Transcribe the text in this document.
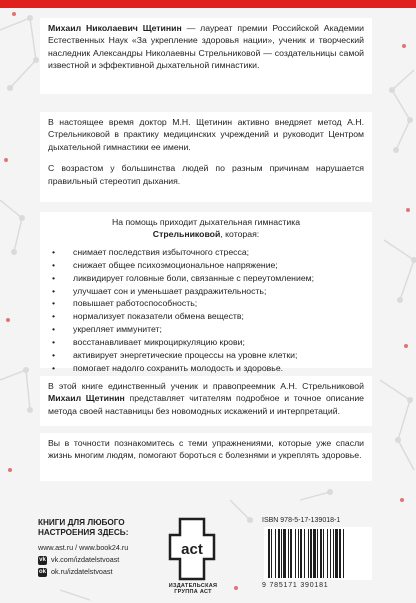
Михаил Николаевич Щетинин — лауреат премии Российской Академии Естественных Наук «За укрепление здоровья нации», ученик и творческий наследник Александры Николаевны Стрельниковой — создательницы самой известной и эффективной дыхательной гимнастики.

В настоящее время доктор М.Н. Щетинин активно внедряет метод А.Н. Стрельниковой в практику медицинских учреждений и руководит Центром дыхательной гимнастики ее имени.

С возрастом у большинства людей по разным причинам нарушается правильный стереотип дыхания.

На помощь приходит дыхательная гимнастика
Стрельниковой, которая:

• снимает последствия избыточного стресса;
• снижает общее психоэмоциональное напряжение;
• ликвидирует головные боли, связанные с переутомлением;
• улучшает сон и уменьшает раздражительность;
• повышает работоспособность;
• нормализует показатели обмена веществ;
• укрепляет иммунитет;
• восстанавливает микроциркуляцию крови;
• активирует энергетические процессы на уровне клетки;
• помогает надолго сохранить молодость и здоровье.

В этой книге единственный ученик и правопреемник А.Н. Стрельниковой Михаил Щетинин представляет читателям подробное и точное описание метода своей наставницы без новомодных искажений и интерпретаций.

Вы в точности познакомитесь с теми упражнениями, которые уже спасли жизнь многим людям, помогают бороться с болезнями и укреплять здоровье.

КНИГИ ДЛЯ ЛЮБОГО
НАСТРОЕНИЯ ЗДЕСЬ:
www.ast.ru / www.book24.ru
vk vk.com/izdatelstvoast
ok ok.ru/izdatelstvoast
act
ИЗДАТЕЛЬСКАЯ
ГРУППА АСТ
ISBN 978-5-17-139018-1
9 785171 390181
